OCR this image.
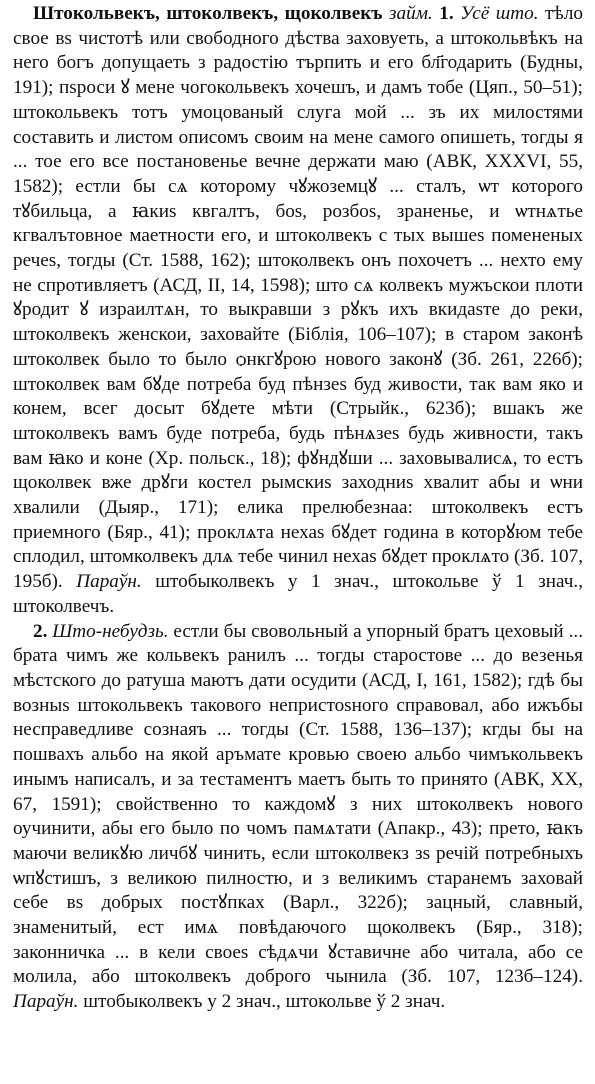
Штокольвекъ, штоколвекъ, щоколвекъ займ. 1. Усё што. тѣло свое вѕ чистотѣ или свободного дѣства заховуеть, а штокольвѣкъ на него богъ допущаеть з радостію търпить и его бл҃годарить (Будны, 191); пѕроси ꙋ мене чогокольвекъ хочешъ, и дамъ тобе (Цяп., 50–51); штокольвекъ тотъ умоцованый слуга мой ... зъ их милостями составить и листом описомъ своим на мене самого опишеть, тогды я ... тое его все постановенье вечне держати маю (АВК, XXXVI, 55, 1582); естли бы сѧ которому чꙋжоземцꙋ ... сталъ, ѡт которого тꙋбильца, а ꙗкиѕ квгалтъ, боѕ, розбоѕ, зраненье, и ѡтнѧтье кгвалътовное маетности его, и штоколвекъ с тых вышеѕ помененых речеѕ, тогды (Ст. 1588, 162); штоколвекъ онъ похочетъ ... нехто ему не спротивляетъ (АСД, II, 14, 1598); што сѧ колвекъ мужъскои плоти ꙋродит ꙋ израилтѧн, то выкравши з рꙋкъ ихъ вкидаѕте до реки, штоколвекъ женскои, заховайте (Біблія, 106–107); в старом законѣ штоколвек было то было ѻнкгꙋрою нового законꙋ (Зб. 261, 226б); штоколвек вам бꙋде потреба буд пѣнзеѕ буд живости, так вам яко и конем, всег досыт бꙋдете мѣти (Стрыйк., 623б); вшакъ же штоколвекъ вамъ буде потреба, будь пѣнѧзеѕ будь живности, такъ вам ꙗко и коне (Хр. польск., 18); фꙋндꙋши ... заховывалисѧ, то естъ щоколвек вже дрꙋги костел рымскиѕ заходниѕ хвалит абы и ѡни хвалили (Дыяр., 171); елика прелюбезнаа: штоколвекъ естъ приемного (Бяр., 41); проклѧта нехаѕ бꙋдет година в которꙋюм тебе сплодил, штомколвекъ длѧ тебе чинил нехаѕ бꙋдет проклѧто (Зб. 107, 195б). Параўн. штобыколвекъ у 1 знач., штокольве ў 1 знач., штоколвечъ.

2. Што-небудзь. естли бы свовольный а упорный братъ цеховый ... брата чимъ же кольвекъ ранилъ ... тогды старостове ... до везенья мѣстского до ратуша маютъ дати осудити (АСД, I, 161, 1582); гдѣ бы возныѕ штокольвекъ такового непристоѕного справовал, або ижъбы несправедливе сознаяъ ... тогды (Ст. 1588, 136–137); кгды бы на пошвахъ альбо на якой аръмате кровью своею альбо чимъкольвекъ инымъ написалъ, и за тестаментъ маетъ быть то принято (АВК, XX, 67, 1591); свойственно то каждомꙋ з них штоколвекъ нового оучинити, абы его было по чомъ памѧтати (Апакр., 43); прето, ꙗкъ маючи великꙋю личбꙋ чинить, если штоколвекз зѕ речій потребныхъ ѡпꙋстишъ, з великою пилностю, и з великимъ старанемъ заховай себе вѕ добрых постꙋпках (Варл., 322б); зацный, славный, знаменитый, ест имѧ повѣдаючого щоколвекъ (Бяр., 318); законничка ... в кели своеѕ сѣдѧчи ꙋставичне або читала, або се молила, або штоколвекъ доброго чынила (Зб. 107, 123б–124). Параўн. штобыколвекъ у 2 знач., штокольве ў 2 знач.
